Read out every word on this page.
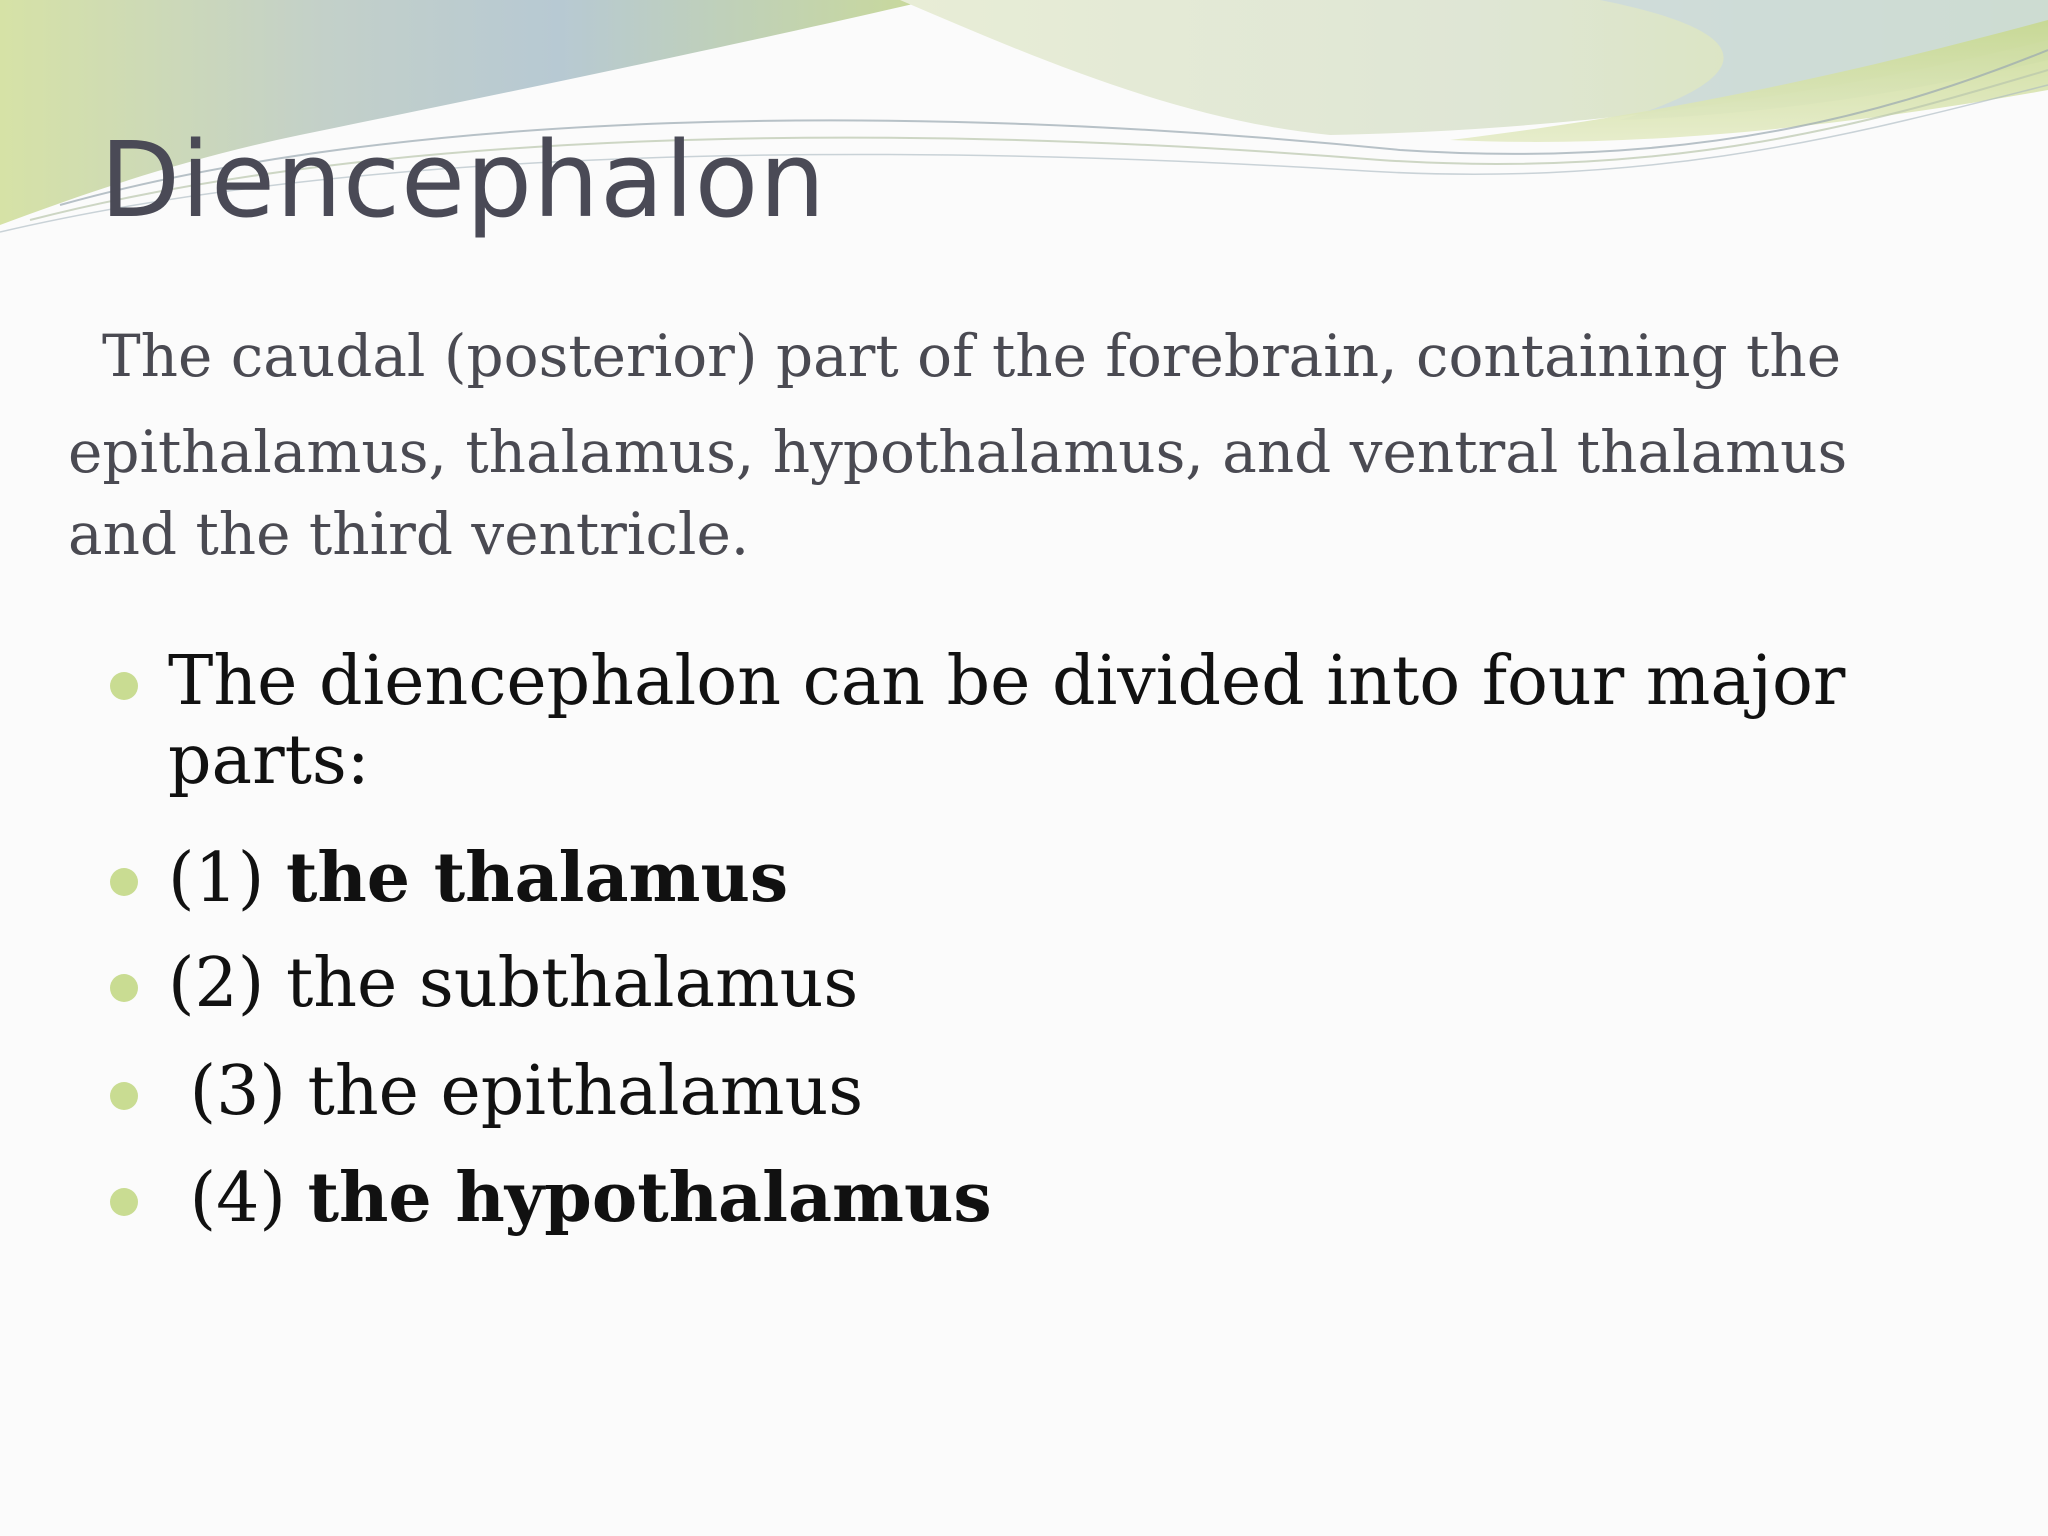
Diencephalon
The caudal (posterior) part of the forebrain, containing the
epithalamus, thalamus, hypothalamus, and ventral thalamus
and the third ventricle.
The diencephalon can be divided into four major
parts:
(1) the thalamus
(2) the subthalamus
(3) the epithalamus
(4) the hypothalamus
